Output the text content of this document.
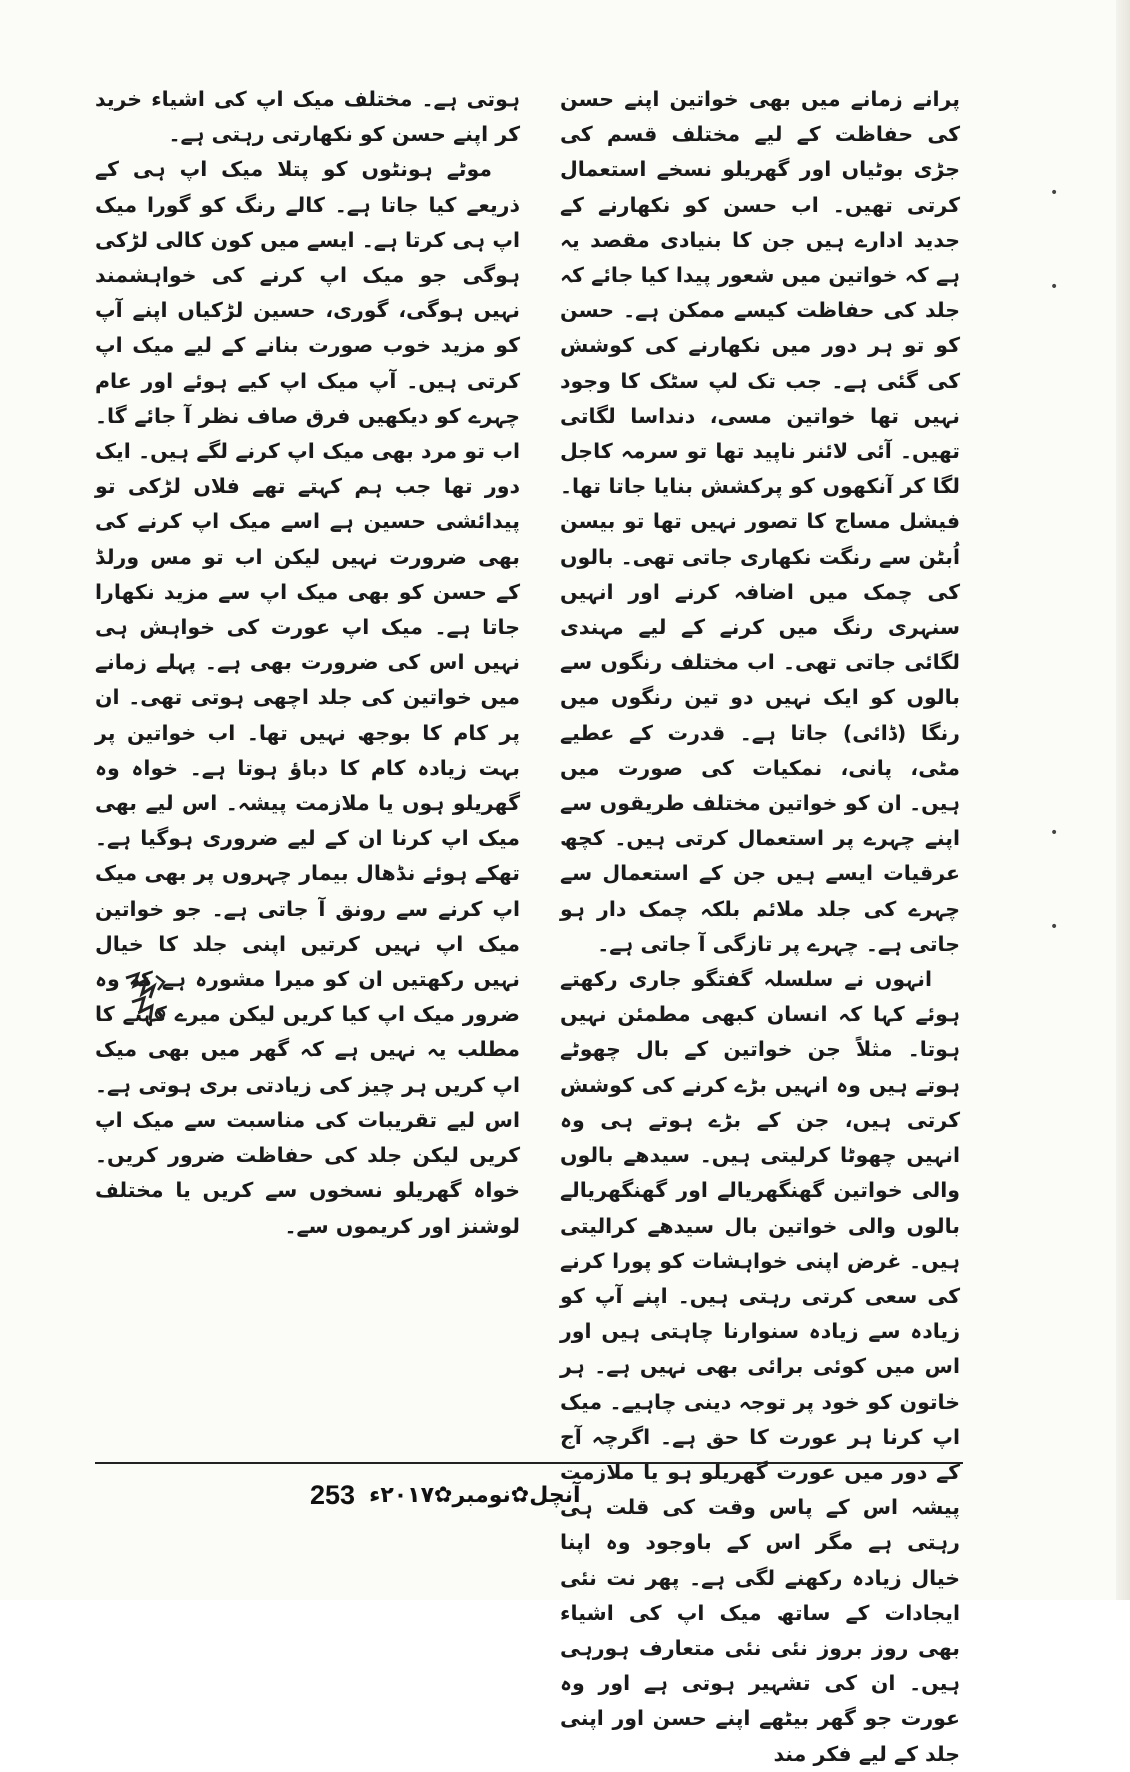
پرانے زمانے میں بھی خواتین اپنے حسن کی حفاظت کے لیے مختلف قسم کی جڑی بوٹیاں اور گھریلو نسخے استعمال کرتی تھیں۔ اب حسن کو نکھارنے کے جدید ادارے ہیں جن کا بنیادی مقصد یہ ہے کہ خواتین میں شعور پیدا کیا جائے کہ جلد کی حفاظت کیسے ممکن ہے۔ حسن کو تو ہر دور میں نکھارنے کی کوشش کی گئی ہے۔ جب تک لپ سٹک کا وجود نہیں تھا خواتین مسی، دنداسا لگاتی تھیں۔ آئی لائنر ناپید تھا تو سرمہ کاجل لگا کر آنکھوں کو پرکشش بنایا جاتا تھا۔ فیشل مساج کا تصور نہیں تھا تو بیسن اُبٹن سے رنگت نکھاری جاتی تھی۔ بالوں کی چمک میں اضافہ کرنے اور انہیں سنہری رنگ میں کرنے کے لیے مہندی لگائی جاتی تھی۔ اب مختلف رنگوں سے بالوں کو ایک نہیں دو تین رنگوں میں رنگا (ڈائی) جاتا ہے۔ قدرت کے عطیے مٹی، پانی، نمکیات کی صورت میں ہیں۔ ان کو خواتین مختلف طریقوں سے اپنے چہرے پر استعمال کرتی ہیں۔ کچھ عرقیات ایسے ہیں جن کے استعمال سے چہرے کی جلد ملائم بلکہ چمک دار ہو جاتی ہے۔ چہرے پر تازگی آ جاتی ہے۔

انہوں نے سلسلہ گفتگو جاری رکھتے ہوئے کہا کہ انسان کبھی مطمئن نہیں ہوتا۔ مثلاً جن خواتین کے بال چھوٹے ہوتے ہیں وہ انہیں بڑے کرنے کی کوشش کرتی ہیں، جن کے بڑے ہوتے ہی وہ انہیں چھوٹا کرلیتی ہیں۔ سیدھے بالوں والی خواتین گھنگھریالے اور گھنگھریالے بالوں والی خواتین بال سیدھے کرالیتی ہیں۔ غرض اپنی خواہشات کو پورا کرنے کی سعی کرتی رہتی ہیں۔ اپنے آپ کو زیادہ سے زیادہ سنوارنا چاہتی ہیں اور اس میں کوئی برائی بھی نہیں ہے۔ ہر خاتون کو خود پر توجہ دینی چاہیے۔ میک اپ کرنا ہر عورت کا حق ہے۔ اگرچہ آج کے دور میں عورت گھریلو ہو یا ملازمت پیشہ اس کے پاس وقت کی قلت ہی رہتی ہے مگر اس کے باوجود وہ اپنا خیال زیادہ رکھنے لگی ہے۔ پھر نت نئی ایجادات کے ساتھ میک اپ کی اشیاء بھی روز بروز نئی نئی متعارف ہورہی ہیں۔ ان کی تشہیر ہوتی ہے اور وہ عورت جو گھر بیٹھے اپنے حسن اور اپنی جلد کے لیے فکر مند

ہوتی ہے۔ مختلف میک اپ کی اشیاء خرید کر اپنے حسن کو نکھارتی رہتی ہے۔

موٹے ہونٹوں کو پتلا میک اپ ہی کے ذریعے کیا جاتا ہے۔ کالے رنگ کو گورا میک اپ ہی کرتا ہے۔ ایسے میں کون کالی لڑکی ہوگی جو میک اپ کرنے کی خواہشمند نہیں ہوگی، گوری، حسین لڑکیاں اپنے آپ کو مزید خوب صورت بنانے کے لیے میک اپ کرتی ہیں۔ آپ میک اپ کیے ہوئے اور عام چہرے کو دیکھیں فرق صاف نظر آ جائے گا۔ اب تو مرد بھی میک اپ کرنے لگے ہیں۔ ایک دور تھا جب ہم کہتے تھے فلاں لڑکی تو پیدائشی حسین ہے اسے میک اپ کرنے کی بھی ضرورت نہیں لیکن اب تو مس ورلڈ کے حسن کو بھی میک اپ سے مزید نکھارا جاتا ہے۔ میک اپ عورت کی خواہش ہی نہیں اس کی ضرورت بھی ہے۔ پہلے زمانے میں خواتین کی جلد اچھی ہوتی تھی۔ ان پر کام کا بوجھ نہیں تھا۔ اب خواتین پر بہت زیادہ کام کا دباؤ ہوتا ہے۔ خواہ وہ گھریلو ہوں یا ملازمت پیشہ۔ اس لیے بھی میک اپ کرنا ان کے لیے ضروری ہوگیا ہے۔ تھکے ہوئے نڈھال بیمار چہروں پر بھی میک اپ کرنے سے رونق آ جاتی ہے۔ جو خواتین میک اپ نہیں کرتیں اپنی جلد کا خیال نہیں رکھتیں ان کو میرا مشورہ ہے کہ وہ ضرور میک اپ کیا کریں لیکن میرے کہنے کا مطلب یہ نہیں ہے کہ گھر میں بھی میک اپ کریں ہر چیز کی زیادتی بری ہوتی ہے۔ اس لیے تقریبات کی مناسبت سے میک اپ کریں لیکن جلد کی حفاظت ضرور کریں۔ خواہ گھریلو نسخوں سے کریں یا مختلف لوشنز اور کریموں سے۔

•
•
•
•
253 آنچل✿نومبر✿۲۰۱۷ء
